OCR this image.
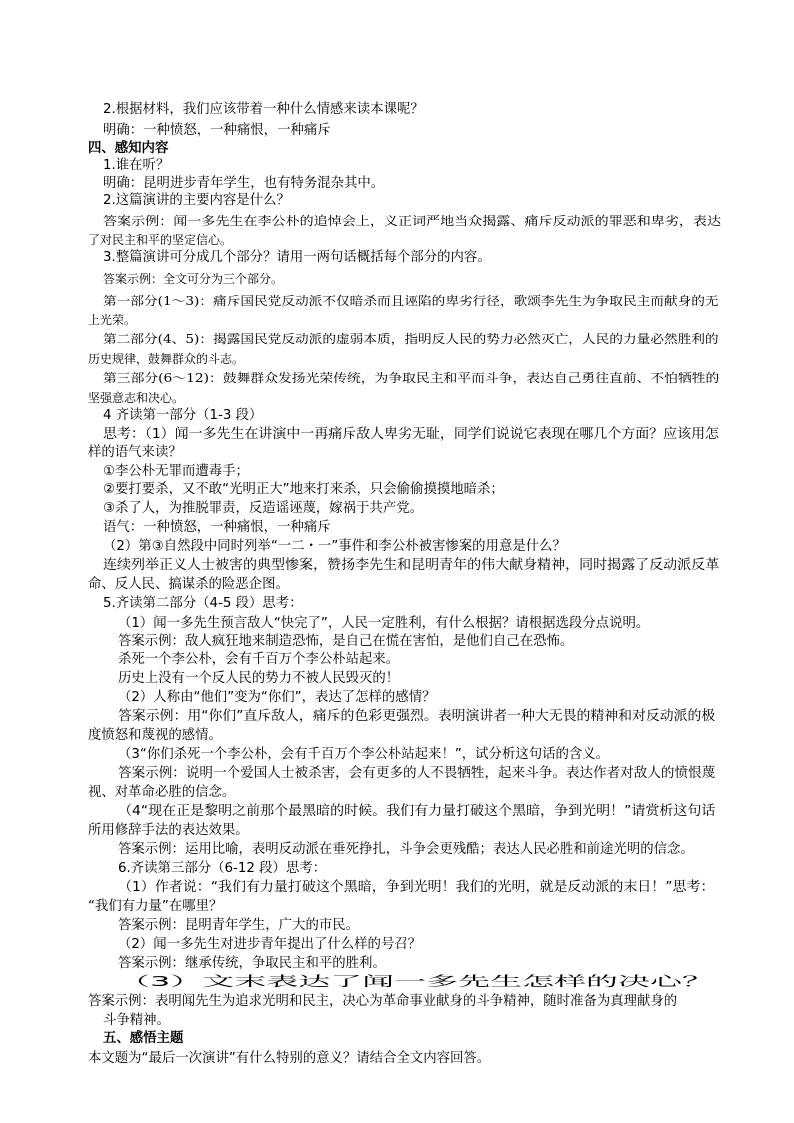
2.根据材料，我们应该带着一种什么情感来读本课呢？
明确：一种愤怒，一种痛恨，一种痛斥
四、感知内容
1.谁在听？
明确：昆明进步青年学生，也有特务混杂其中。
2.这篇演讲的主要内容是什么？
答案示例：闻一多先生在李公朴的追悼会上，义正词严地当众揭露、痛斥反动派的罪恶和卑劣，表达
了对民主和平的坚定信心。
3.整篇演讲可分成几个部分？请用一两句话概括每个部分的内容。
答案示例：全文可分为三个部分。
第一部分(1～3)：痛斥国民党反动派不仅暗杀而且诬陷的卑劣行径，歌颂李先生为争取民主而献身的无
上光荣。
第二部分(4、5)：揭露国民党反动派的虚弱本质，指明反人民的势力必然灭亡，人民的力量必然胜利的
历史规律，鼓舞群众的斗志。
第三部分(6～12)：鼓舞群众发扬光荣传统，为争取民主和平而斗争，表达自己勇往直前、不怕牺牲的
坚强意志和决心。
4 齐读第一部分（1-3 段）
思考：（1）闻一多先生在讲演中一再痛斥敌人卑劣无耻，同学们说说它表现在哪几个方面？应该用怎
样的语气来读？
①李公朴无罪而遭毒手；
②要打要杀，又不敢“光明正大”地来打来杀，只会偷偷摸摸地暗杀；
③杀了人，为推脱罪责，反造谣诬蔑，嫁祸于共产党。
语气：一种愤怒，一种痛恨，一种痛斥
（2）第③自然段中同时列举“一二・一”事件和李公朴被害惨案的用意是什么？
连续列举正义人士被害的典型惨案，赞扬李先生和昆明青年的伟大献身精神，同时揭露了反动派反革
命、反人民、搞谋杀的险恶企图。
5.齐读第二部分（4-5 段）思考：
（1）闻一多先生预言敌人“快完了”，人民一定胜利，有什么根据？请根据选段分点说明。
答案示例：敌人疯狂地来制造恐怖，是自己在慌在害怕，是他们自己在恐怖。
杀死一个李公朴，会有千百万个李公朴站起来。
历史上没有一个反人民的势力不被人民毁灭的！
（2）人称由“他们”变为“你们”，表达了怎样的感情？
答案示例：用“你们”直斥敌人，痛斥的色彩更强烈。表明演讲者一种大无畏的精神和对反动派的极
度愤怒和蔑视的感情。
（3“你们杀死一个李公朴，会有千百万个李公朴站起来！”，试分析这句话的含义。
答案示例：说明一个爱国人士被杀害，会有更多的人不畏牺牲，起来斗争。表达作者对敌人的愤恨蔑
视、对革命必胜的信念。
（4“现在正是黎明之前那个最黑暗的时候。我们有力量打破这个黑暗，争到光明！”请赏析这句话
所用修辞手法的表达效果。
答案示例：运用比喻，表明反动派在垂死挣扎，斗争会更残酷；表达人民必胜和前途光明的信念。
6.齐读第三部分（6-12 段）思考：
（1）作者说：“我们有力量打破这个黑暗，争到光明！我们的光明，就是反动派的末日！”思考：
“我们有力量”在哪里？
答案示例：昆明青年学生，广大的市民。
（2）闻一多先生对进步青年提出了什么样的号召？
答案示例：继承传统，争取民主和平的胜利。
（3）文末表达了闻一多先生怎样的决心？
答案示例：表明闻先生为追求光明和民主，决心为革命事业献身的斗争精神，随时准备为真理献身的
斗争精神。
五、感悟主题
本文题为“最后一次演讲”有什么特别的意义？请结合全文内容回答。
